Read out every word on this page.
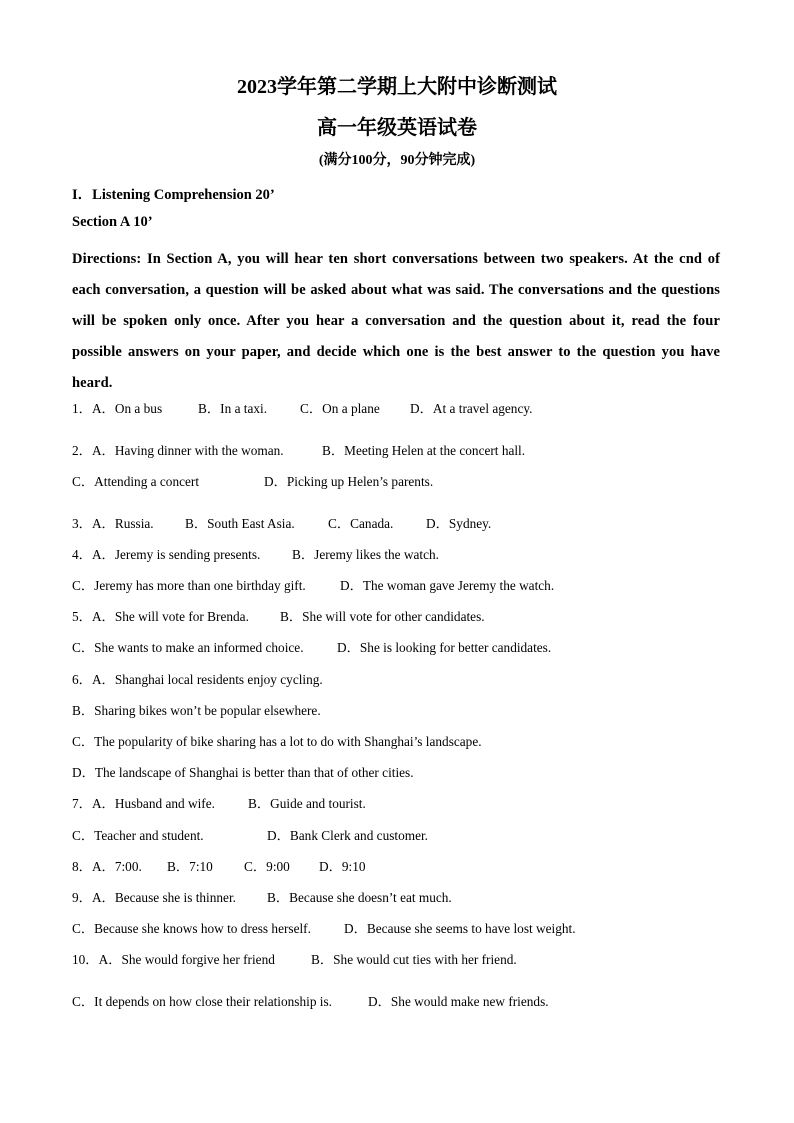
2023学年第二学期上大附中诊断测试
高一年级英语试卷
(满分100分，90分钟完成)
I．Listening Comprehension 20’
Section A 10’
Directions: In Section A, you will hear ten short conversations between two speakers. At the cnd of each conversation, a question will be asked about what was said. The conversations and the questions will be spoken only once. After you hear a conversation and the question about it, read the four possible answers on your paper, and decide which one is the best answer to the question you have heard.
1．A．On a bus	B．In a taxi. C．On a plane D．At a travel agency.
2．A．Having dinner with the woman.	B．Meeting Helen at the concert hall.
C．Attending a concert	D．Picking up Helen’s parents.
3．A．Russia. B．South East Asia.	C．Canada. D．Sydney.
4．A．Jeremy is sending presents. B．Jeremy likes the watch.
C．Jeremy has more than one birthday gift.	D．The woman gave Jeremy the watch.
5．A．She will vote for Brenda. B．She will vote for other candidates.
C．She wants to make an informed choice.	D．She is looking for better candidates.
6．A．Shanghai local residents enjoy cycling.
B．Sharing bikes won’t be popular elsewhere.
C．The popularity of bike sharing has a lot to do with Shanghai’s landscape.
D．The landscape of Shanghai is better than that of other cities.
7．A．Husband and wife. B．Guide and tourist.
C．Teacher and student.	D．Bank Clerk and customer.
8．A．7:00. B．7:10 C．9:00 D．9:10
9．A．Because she is thinner. B．Because she doesn’t eat much.
C．Because she knows how to dress herself. D．Because she seems to have lost weight.
10．A．She would forgive her friend	B．She would cut ties with her friend.
C．It depends on how close their relationship is.	D．She would make new friends.
